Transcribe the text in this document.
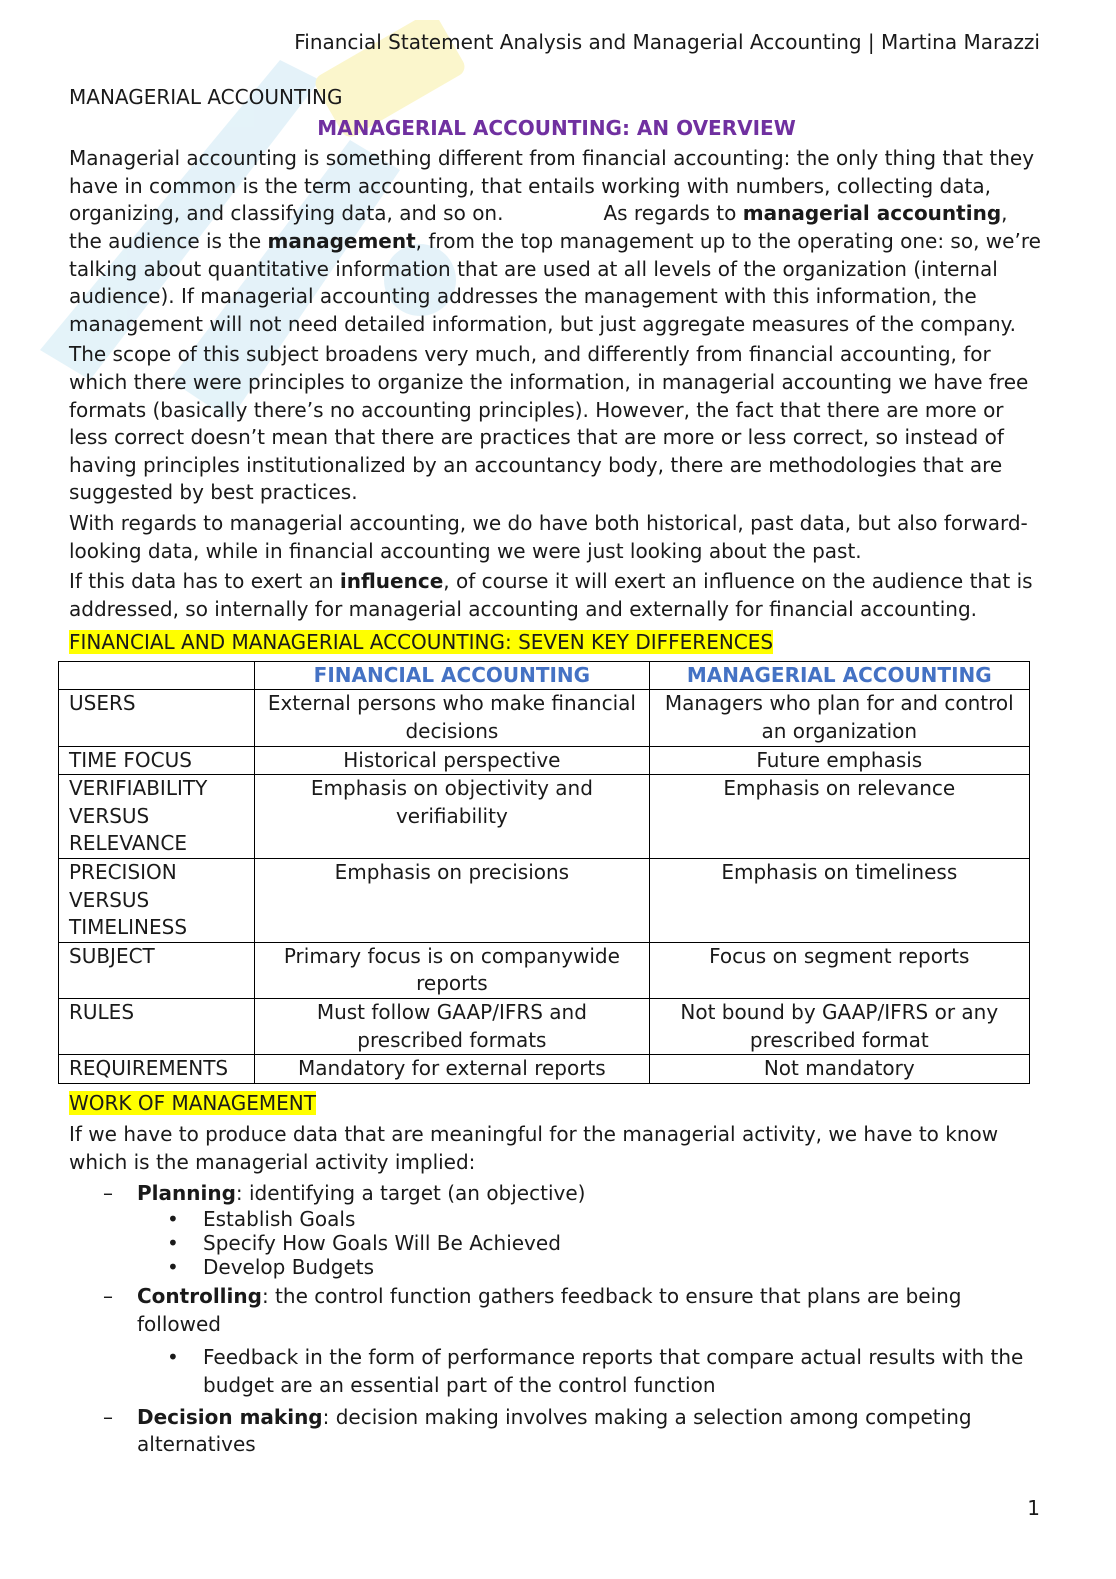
Financial Statement Analysis and Managerial Accounting | Martina Marazzi

MANAGERIAL ACCOUNTING

MANAGERIAL ACCOUNTING: AN OVERVIEW

Managerial accounting is something different from financial accounting: the only thing that they have in common is the term accounting, that entails working with numbers, collecting data, organizing, and classifying data, and so on.	As regards to managerial accounting, the audience is the management, from the top management up to the operating one: so, we’re talking about quantitative information that are used at all levels of the organization (internal audience). If managerial accounting addresses the management with this information, the management will not need detailed information, but just aggregate measures of the company.

The scope of this subject broadens very much, and differently from financial accounting, for which there were principles to organize the information, in managerial accounting we have free formats (basically there’s no accounting principles). However, the fact that there are more or less correct doesn’t mean that there are practices that are more or less correct, so instead of having principles institutionalized by an accountancy body, there are methodologies that are suggested by best practices.

With regards to managerial accounting, we do have both historical, past data, but also forward-looking data, while in financial accounting we were just looking about the past.

If this data has to exert an influence, of course it will exert an influence on the audience that is addressed, so internally for managerial accounting and externally for financial accounting.

FINANCIAL AND MANAGERIAL ACCOUNTING: SEVEN KEY DIFFERENCES

	FINANCIAL ACCOUNTING	MANAGERIAL ACCOUNTING
USERS	External persons who make financial decisions	Managers who plan for and control an organization
TIME FOCUS	Historical perspective	Future emphasis
VERIFIABILITY VERSUS RELEVANCE	Emphasis on objectivity and verifiability	Emphasis on relevance
PRECISION VERSUS TIMELINESS	Emphasis on precisions	Emphasis on timeliness
SUBJECT	Primary focus is on companywide reports	Focus on segment reports
RULES	Must follow GAAP/IFRS and prescribed formats	Not bound by GAAP/IFRS or any prescribed format
REQUIREMENTS	Mandatory for external reports	Not mandatory

WORK OF MANAGEMENT

If we have to produce data that are meaningful for the managerial activity, we have to know which is the managerial activity implied:

– Planning: identifying a target (an objective)
• Establish Goals
• Specify How Goals Will Be Achieved
• Develop Budgets
– Controlling: the control function gathers feedback to ensure that plans are being followed
• Feedback in the form of performance reports that compare actual results with the budget are an essential part of the control function
– Decision making: decision making involves making a selection among competing alternatives
1
